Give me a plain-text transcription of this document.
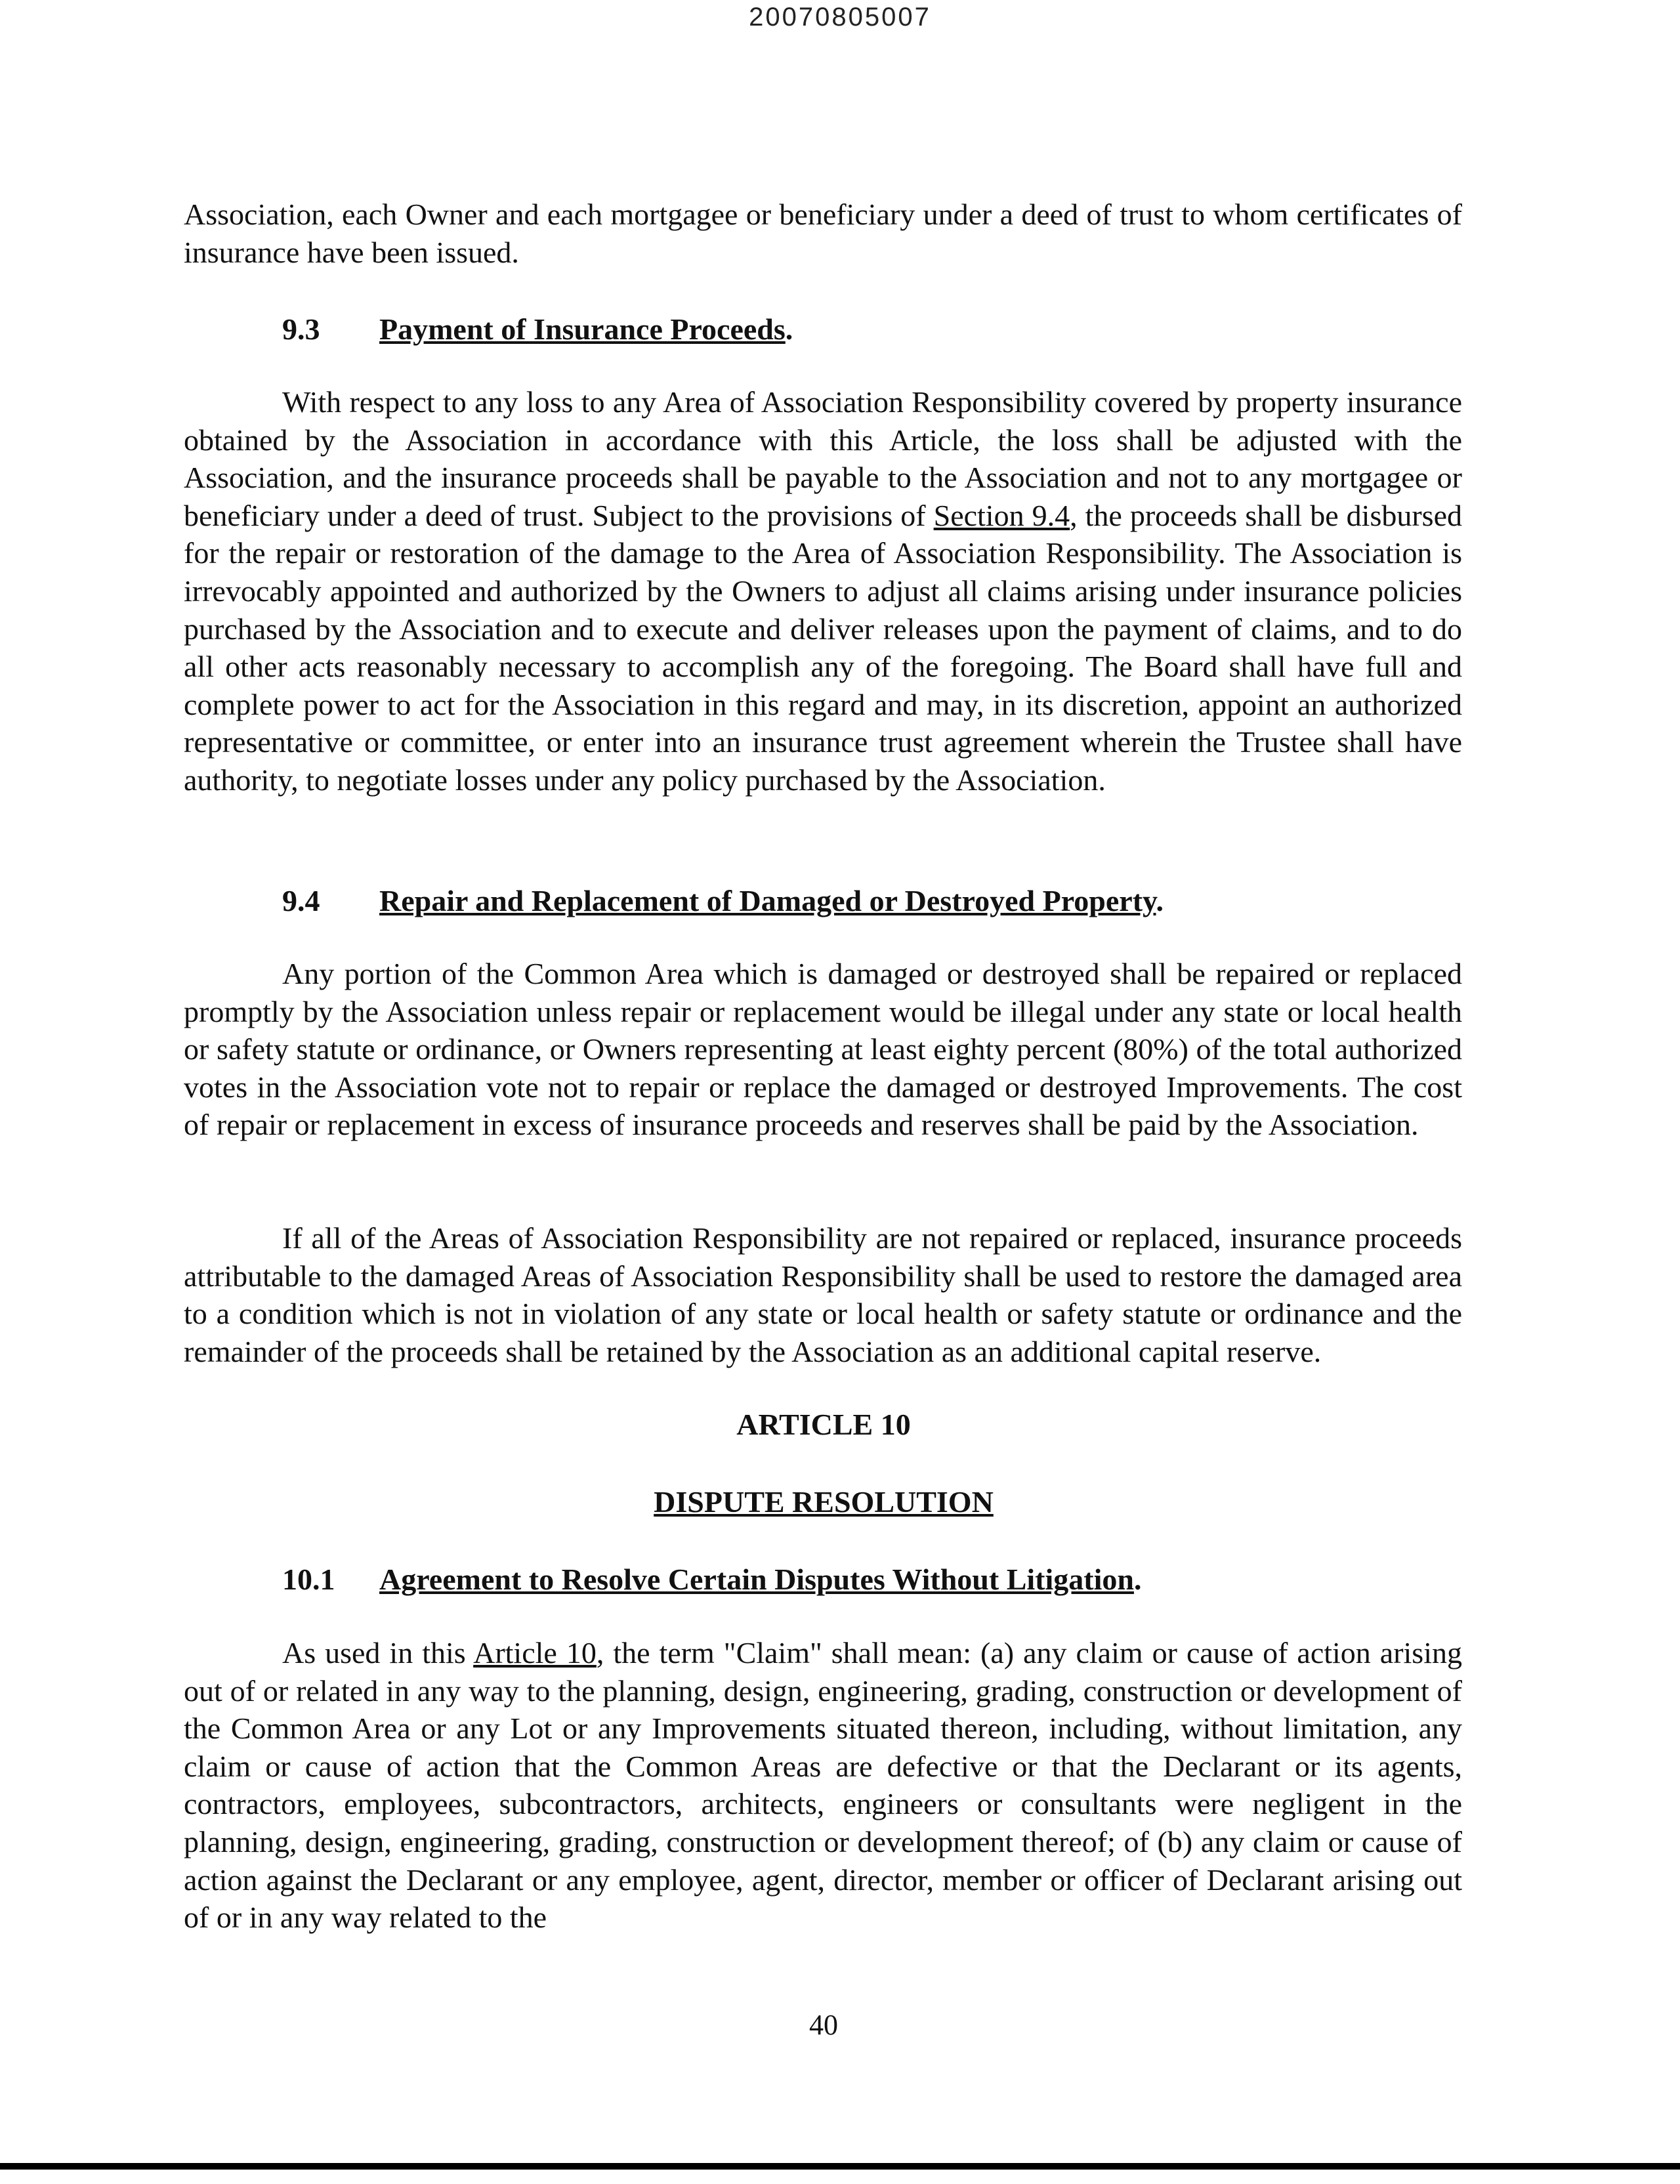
20070805007

Association, each Owner and each mortgagee or beneficiary under a deed of trust to whom certificates of insurance have been issued.

9.3 Payment of Insurance Proceeds.

With respect to any loss to any Area of Association Responsibility covered by property insurance obtained by the Association in accordance with this Article, the loss shall be adjusted with the Association, and the insurance proceeds shall be payable to the Association and not to any mortgagee or beneficiary under a deed of trust. Subject to the provisions of Section 9.4, the proceeds shall be disbursed for the repair or restoration of the damage to the Area of Association Responsibility. The Association is irrevocably appointed and authorized by the Owners to adjust all claims arising under insurance policies purchased by the Association and to execute and deliver releases upon the payment of claims, and to do all other acts reasonably necessary to accomplish any of the foregoing. The Board shall have full and complete power to act for the Association in this regard and may, in its discretion, appoint an authorized representative or committee, or enter into an insurance trust agreement wherein the Trustee shall have authority, to negotiate losses under any policy purchased by the Association.

9.4 Repair and Replacement of Damaged or Destroyed Property.

Any portion of the Common Area which is damaged or destroyed shall be repaired or replaced promptly by the Association unless repair or replacement would be illegal under any state or local health or safety statute or ordinance, or Owners representing at least eighty percent (80%) of the total authorized votes in the Association vote not to repair or replace the damaged or destroyed Improvements. The cost of repair or replacement in excess of insurance proceeds and reserves shall be paid by the Association.

If all of the Areas of Association Responsibility are not repaired or replaced, insurance proceeds attributable to the damaged Areas of Association Responsibility shall be used to restore the damaged area to a condition which is not in violation of any state or local health or safety statute or ordinance and the remainder of the proceeds shall be retained by the Association as an additional capital reserve.

ARTICLE 10
DISPUTE RESOLUTION
10.1 Agreement to Resolve Certain Disputes Without Litigation.

As used in this Article 10, the term "Claim" shall mean: (a) any claim or cause of action arising out of or related in any way to the planning, design, engineering, grading, construction or development of the Common Area or any Lot or any Improvements situated thereon, including, without limitation, any claim or cause of action that the Common Areas are defective or that the Declarant or its agents, contractors, employees, subcontractors, architects, engineers or consultants were negligent in the planning, design, engineering, grading, construction or development thereof; of (b) any claim or cause of action against the Declarant or any employee, agent, director, member or officer of Declarant arising out of or in any way related to the

40
